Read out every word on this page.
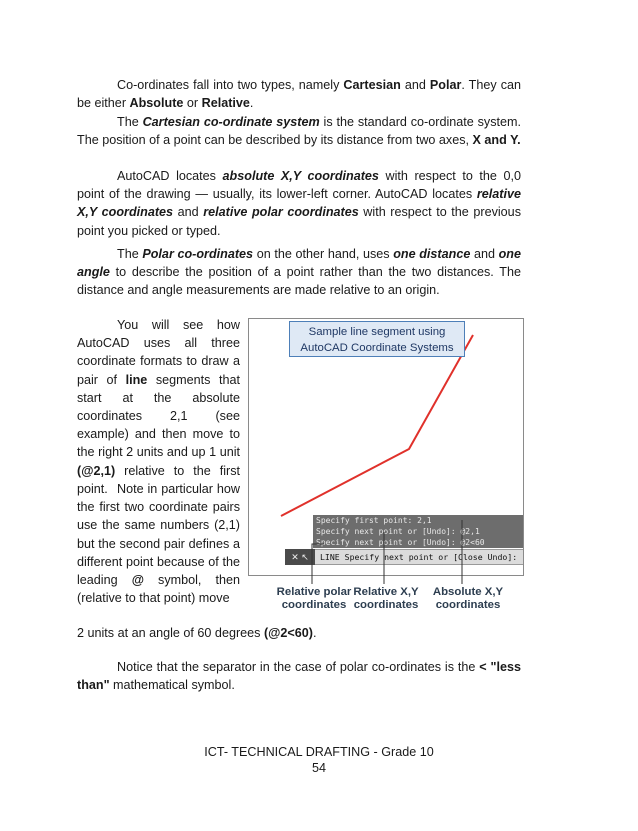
Co-ordinates fall into two types, namely Cartesian and Polar. They can be either Absolute or Relative.

The Cartesian co-ordinate system is the standard co-ordinate system. The position of a point can be described by its distance from two axes, X and Y.

AutoCAD locates absolute X,Y coordinates with respect to the 0,0 point of the drawing — usually, its lower-left corner. AutoCAD locates relative X,Y coordinates and relative polar coordinates with respect to the previous point you picked or typed.

The Polar co-ordinates on the other hand, uses one distance and one angle to describe the position of a point rather than the two distances. The distance and angle measurements are made relative to an origin.

You will see how AutoCAD uses all three coordinate formats to draw a pair of line segments that start at the absolute coordinates 2,1 (see example) and then move to the right 2 units and up 1 unit (@2,1) relative to the first point. Note in particular how the first two coordinate pairs use the same numbers (2,1) but the second pair defines a different point because of the leading @ symbol, then (relative to that point) move

2 units at an angle of 60 degrees (@2<60).

Notice that the separator in the case of polar co-ordinates is the < "less than" mathematical symbol.

Sample line segment using
AutoCAD Coordinate Systems
Specify first point: 2,1
Specify next point or [Undo]: @2,1
Specify next point or [Undo]: @2<60
LINE Specify next point or [Close Undo]:
✕ ↖
Relative polar
coordinates
Relative X,Y
coordinates
Absolute X,Y
coordinates
ICT- TECHNICAL DRAFTING - Grade 10
54
